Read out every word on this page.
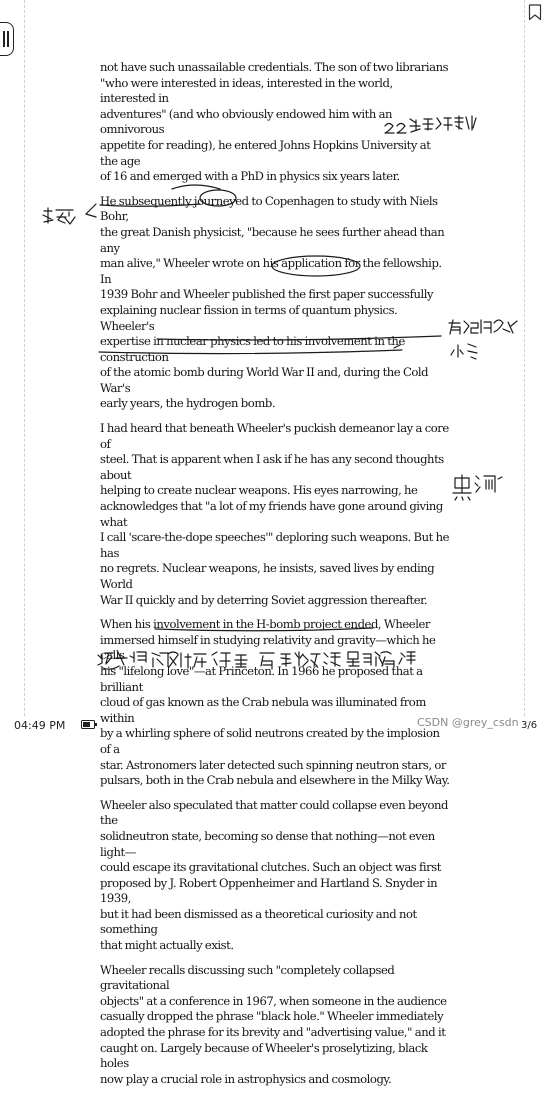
not have such unassailable credentials. The son of two librarians
"who were interested in ideas, interested in the world, interested in
adventures" (and who obviously endowed him with an omnivorous
appetite for reading), he entered Johns Hopkins University at the age
of 16 and emerged with a PhD in physics six years later.

He subsequently journeyed to Copenhagen to study with Niels Bohr,
the great Danish physicist, "because he sees further ahead than any
man alive," Wheeler wrote on his application for the fellowship. In
1939 Bohr and Wheeler published the first paper successfully
explaining nuclear fission in terms of quantum physics. Wheeler's
expertise in nuclear physics led to his involvement in the construction
of the atomic bomb during World War II and, during the Cold War's
early years, the hydrogen bomb.

I had heard that beneath Wheeler's puckish demeanor lay a core of
steel. That is apparent when I ask if he has any second thoughts about
helping to create nuclear weapons. His eyes narrowing, he
acknowledges that "a lot of my friends have gone around giving what
I call 'scare-the-dope speeches'" deploring such weapons. But he has
no regrets. Nuclear weapons, he insists, saved lives by ending World
War II quickly and by deterring Soviet aggression thereafter.

When his involvement in the H-bomb project ended, Wheeler
immersed himself in studying relativity and gravity—which he calls
his "lifelong love"—at Princeton. In 1966 he proposed that a brilliant
cloud of gas known as the Crab nebula was illuminated from within
by a whirling sphere of solid neutrons created by the implosion of a
star. Astronomers later detected such spinning neutron stars, or
pulsars, both in the Crab nebula and elsewhere in the Milky Way.

Wheeler also speculated that matter could collapse even beyond the
solidneutron state, becoming so dense that nothing—not even light—
could escape its gravitational clutches. Such an object was first
proposed by J. Robert Oppenheimer and Hartland S. Snyder in 1939,
but it had been dismissed as a theoretical curiosity and not something
that might actually exist.

Wheeler recalls discussing such "completely collapsed gravitational
objects" at a conference in 1967, when someone in the audience
casually dropped the phrase "black hole." Wheeler immediately
adopted the phrase for its brevity and "advertising value," and it
caught on. Largely because of Wheeler's proselytizing, black holes
now play a crucial role in astrophysics and cosmology.

04:49 PM	CSDN @grey_csdn 3/6
